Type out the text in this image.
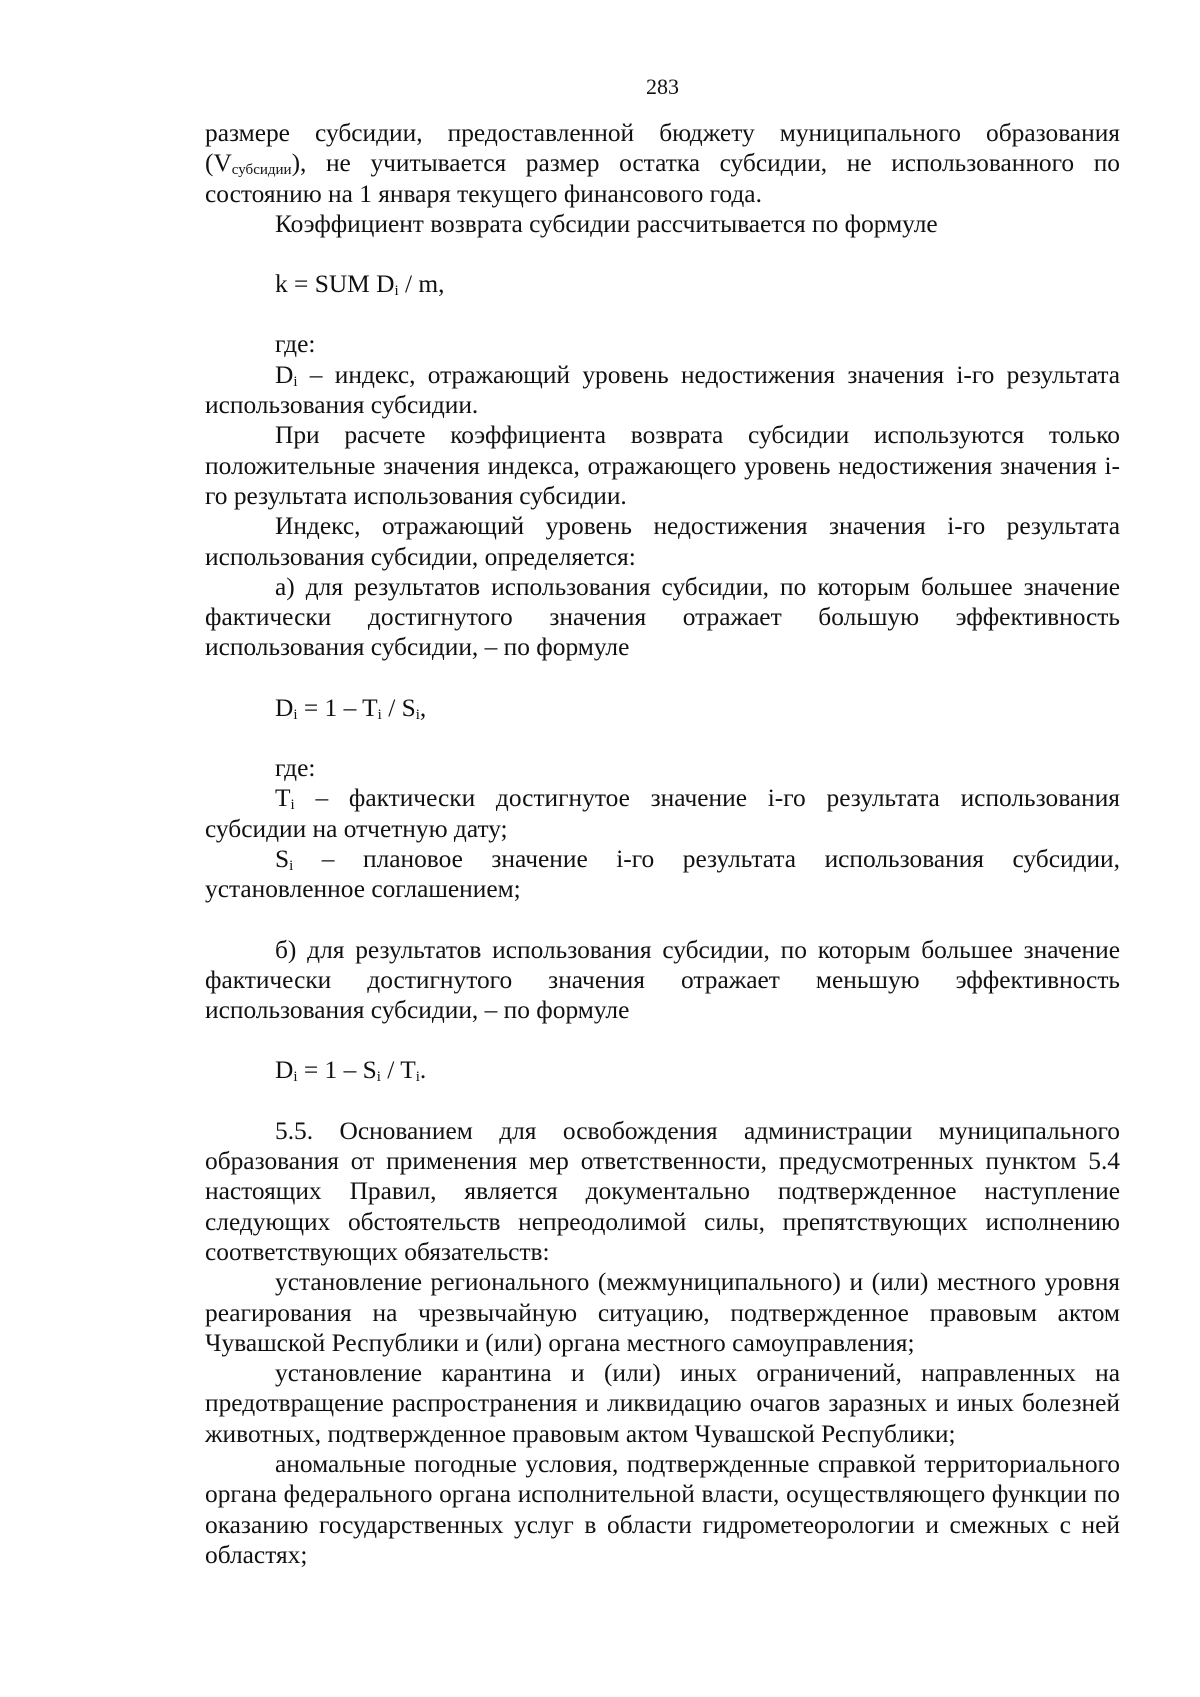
283

размере субсидии, предоставленной бюджету муниципального образования $(V_{субсидии})$, не учитывается размер остатка субсидии, не использованного по состоянию на 1 января текущего финансового года.

Коэффициент возврата субсидии рассчитывается по формуле

k = SUM $D_i$ / m,

где:

$D_i$ – индекс, отражающий уровень недостижения значения i-го результата использования субсидии.

При расчете коэффициента возврата субсидии используются только положительные значения индекса, отражающего уровень недостижения значения i-го результата использования субсидии.

Индекс, отражающий уровень недостижения значения i-го результата использования субсидии, определяется:

а) для результатов использования субсидии, по которым большее значение фактически достигнутого значения отражает большую эффективность использования субсидии, – по формуле

$D_i = 1 - T_i / S_i$,

где:

$T_i$ – фактически достигнутое значение i-го результата использования субсидии на отчетную дату;

$S_i$ – плановое значение i-го результата использования субсидии, установленное соглашением;

б) для результатов использования субсидии, по которым большее значение фактически достигнутого значения отражает меньшую эффективность использования субсидии, – по формуле

$D_i = 1 - S_i / T_i$.

5.5. Основанием для освобождения администрации муниципального образования от применения мер ответственности, предусмотренных пунктом 5.4 настоящих Правил, является документально подтвержденное наступление следующих обстоятельств непреодолимой силы, препятствующих исполнению соответствующих обязательств:

установление регионального (межмуниципального) и (или) местного уровня реагирования на чрезвычайную ситуацию, подтвержденное правовым актом Чувашской Республики и (или) органа местного самоуправления;

установление карантина и (или) иных ограничений, направленных на предотвращение распространения и ликвидацию очагов заразных и иных болезней животных, подтвержденное правовым актом Чувашской Республики;

аномальные погодные условия, подтвержденные справкой территориального органа федерального органа исполнительной власти, осуществляющего функции по оказанию государственных услуг в области гидрометеорологии и смежных с ней областях;
